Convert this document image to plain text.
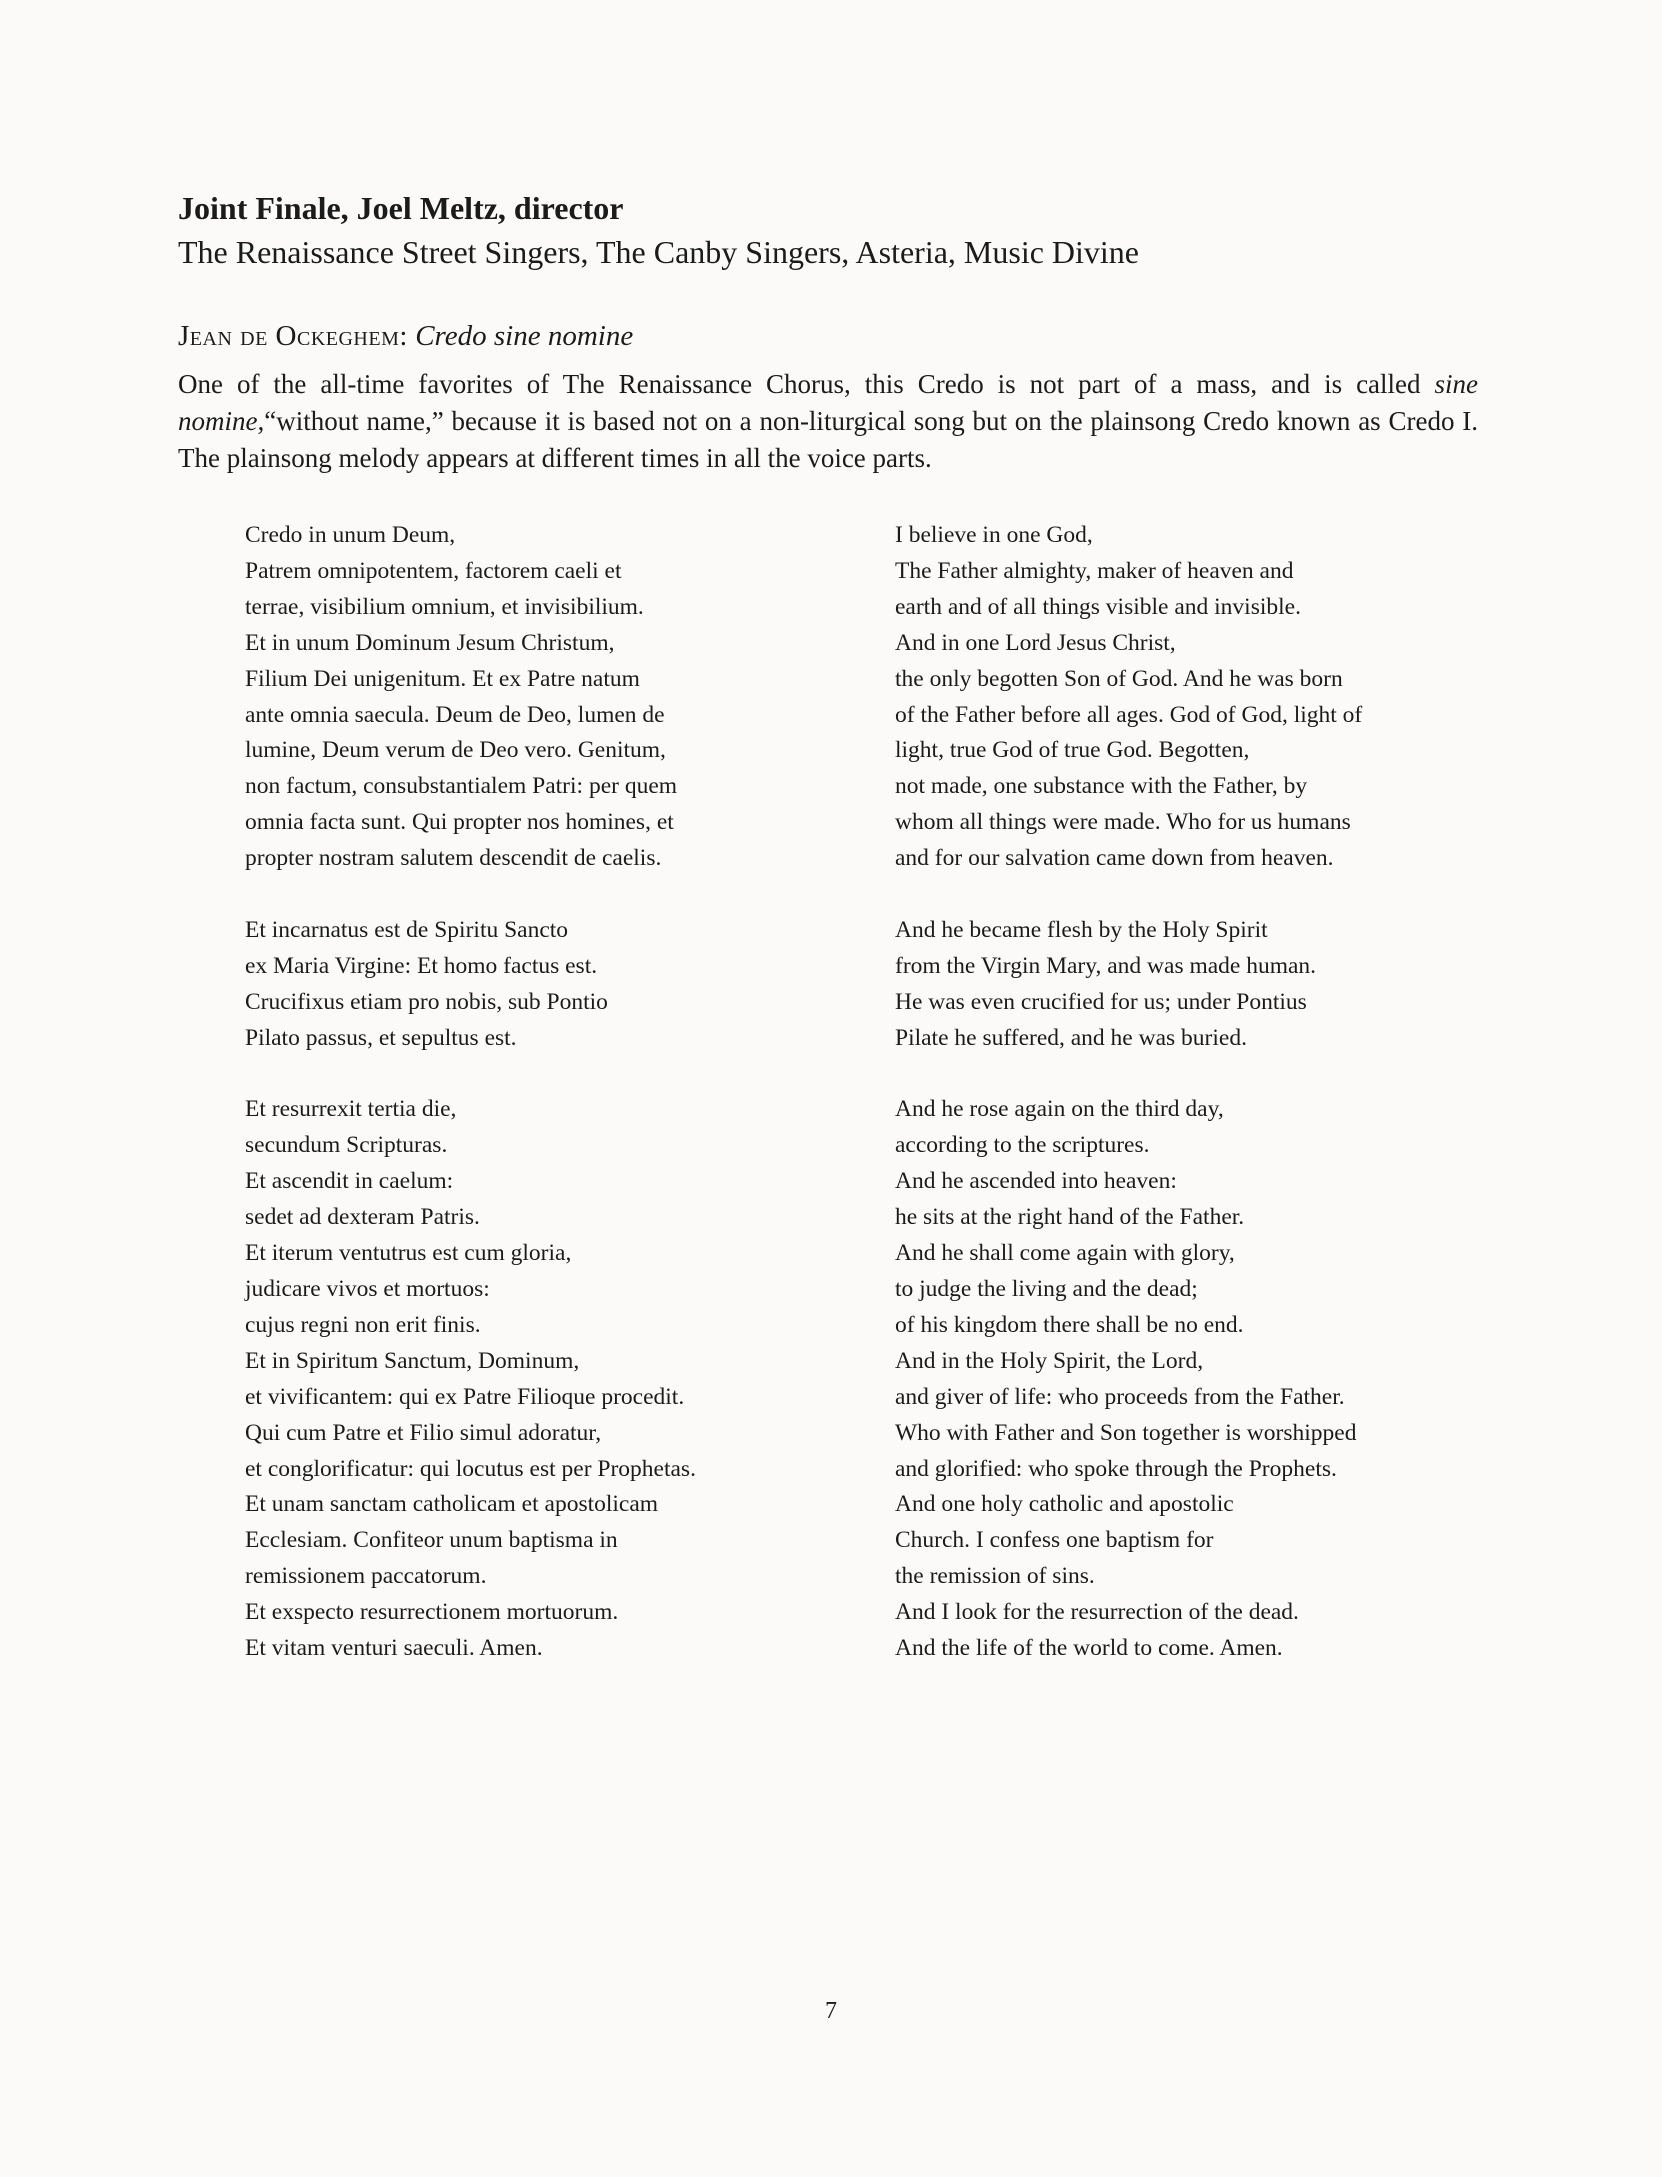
Joint Finale, Joel Meltz, director
The Renaissance Street Singers, The Canby Singers, Asteria, Music Divine
Jean de Ockeghem: Credo sine nomine
One of the all-time favorites of The Renaissance Chorus, this Credo is not part of a mass, and is called sine nomine,“without name,” because it is based not on a non-liturgical song but on the plainsong Credo known as Credo I. The plainsong melody appears at different times in all the voice parts.
Credo in unum Deum,
Patrem omnipotentem, factorem caeli et
terrae, visibilium omnium, et invisibilium.
Et in unum Dominum Jesum Christum,
Filium Dei unigenitum. Et ex Patre natum
ante omnia saecula. Deum de Deo, lumen de
lumine, Deum verum de Deo vero. Genitum,
non factum, consubstantialem Patri: per quem
omnia facta sunt. Qui propter nos homines, et
propter nostram salutem descendit de caelis.
Et incarnatus est de Spiritu Sancto
ex Maria Virgine: Et homo factus est.
Crucifixus etiam pro nobis, sub Pontio
Pilato passus, et sepultus est.
Et resurrexit tertia die,
secundum Scripturas.
Et ascendit in caelum:
sedet ad dexteram Patris.
Et iterum ventutrus est cum gloria,
judicare vivos et mortuos:
cujus regni non erit finis.
Et in Spiritum Sanctum, Dominum,
et vivificantem: qui ex Patre Filioque procedit.
Qui cum Patre et Filio simul adoratur,
et conglorificatur: qui locutus est per Prophetas.
Et unam sanctam catholicam et apostolicam
Ecclesiam. Confiteor unum baptisma in
remissionem paccatorum.
Et exspecto resurrectionem mortuorum.
Et vitam venturi saeculi. Amen.
I believe in one God,
The Father almighty, maker of heaven and
earth and of all things visible and invisible.
And in one Lord Jesus Christ,
the only begotten Son of God. And he was born
of the Father before all ages. God of God, light of
light, true God of true God. Begotten,
not made, one substance with the Father, by
whom all things were made. Who for us humans
and for our salvation came down from heaven.
And he became flesh by the Holy Spirit
from the Virgin Mary, and was made human.
He was even crucified for us; under Pontius
Pilate he suffered, and he was buried.
And he rose again on the third day,
according to the scriptures.
And he ascended into heaven:
he sits at the right hand of the Father.
And he shall come again with glory,
to judge the living and the dead;
of his kingdom there shall be no end.
And in the Holy Spirit, the Lord,
and giver of life: who proceeds from the Father.
Who with Father and Son together is worshipped
and glorified: who spoke through the Prophets.
And one holy catholic and apostolic
Church. I confess one baptism for
the remission of sins.
And I look for the resurrection of the dead.
And the life of the world to come. Amen.
7
